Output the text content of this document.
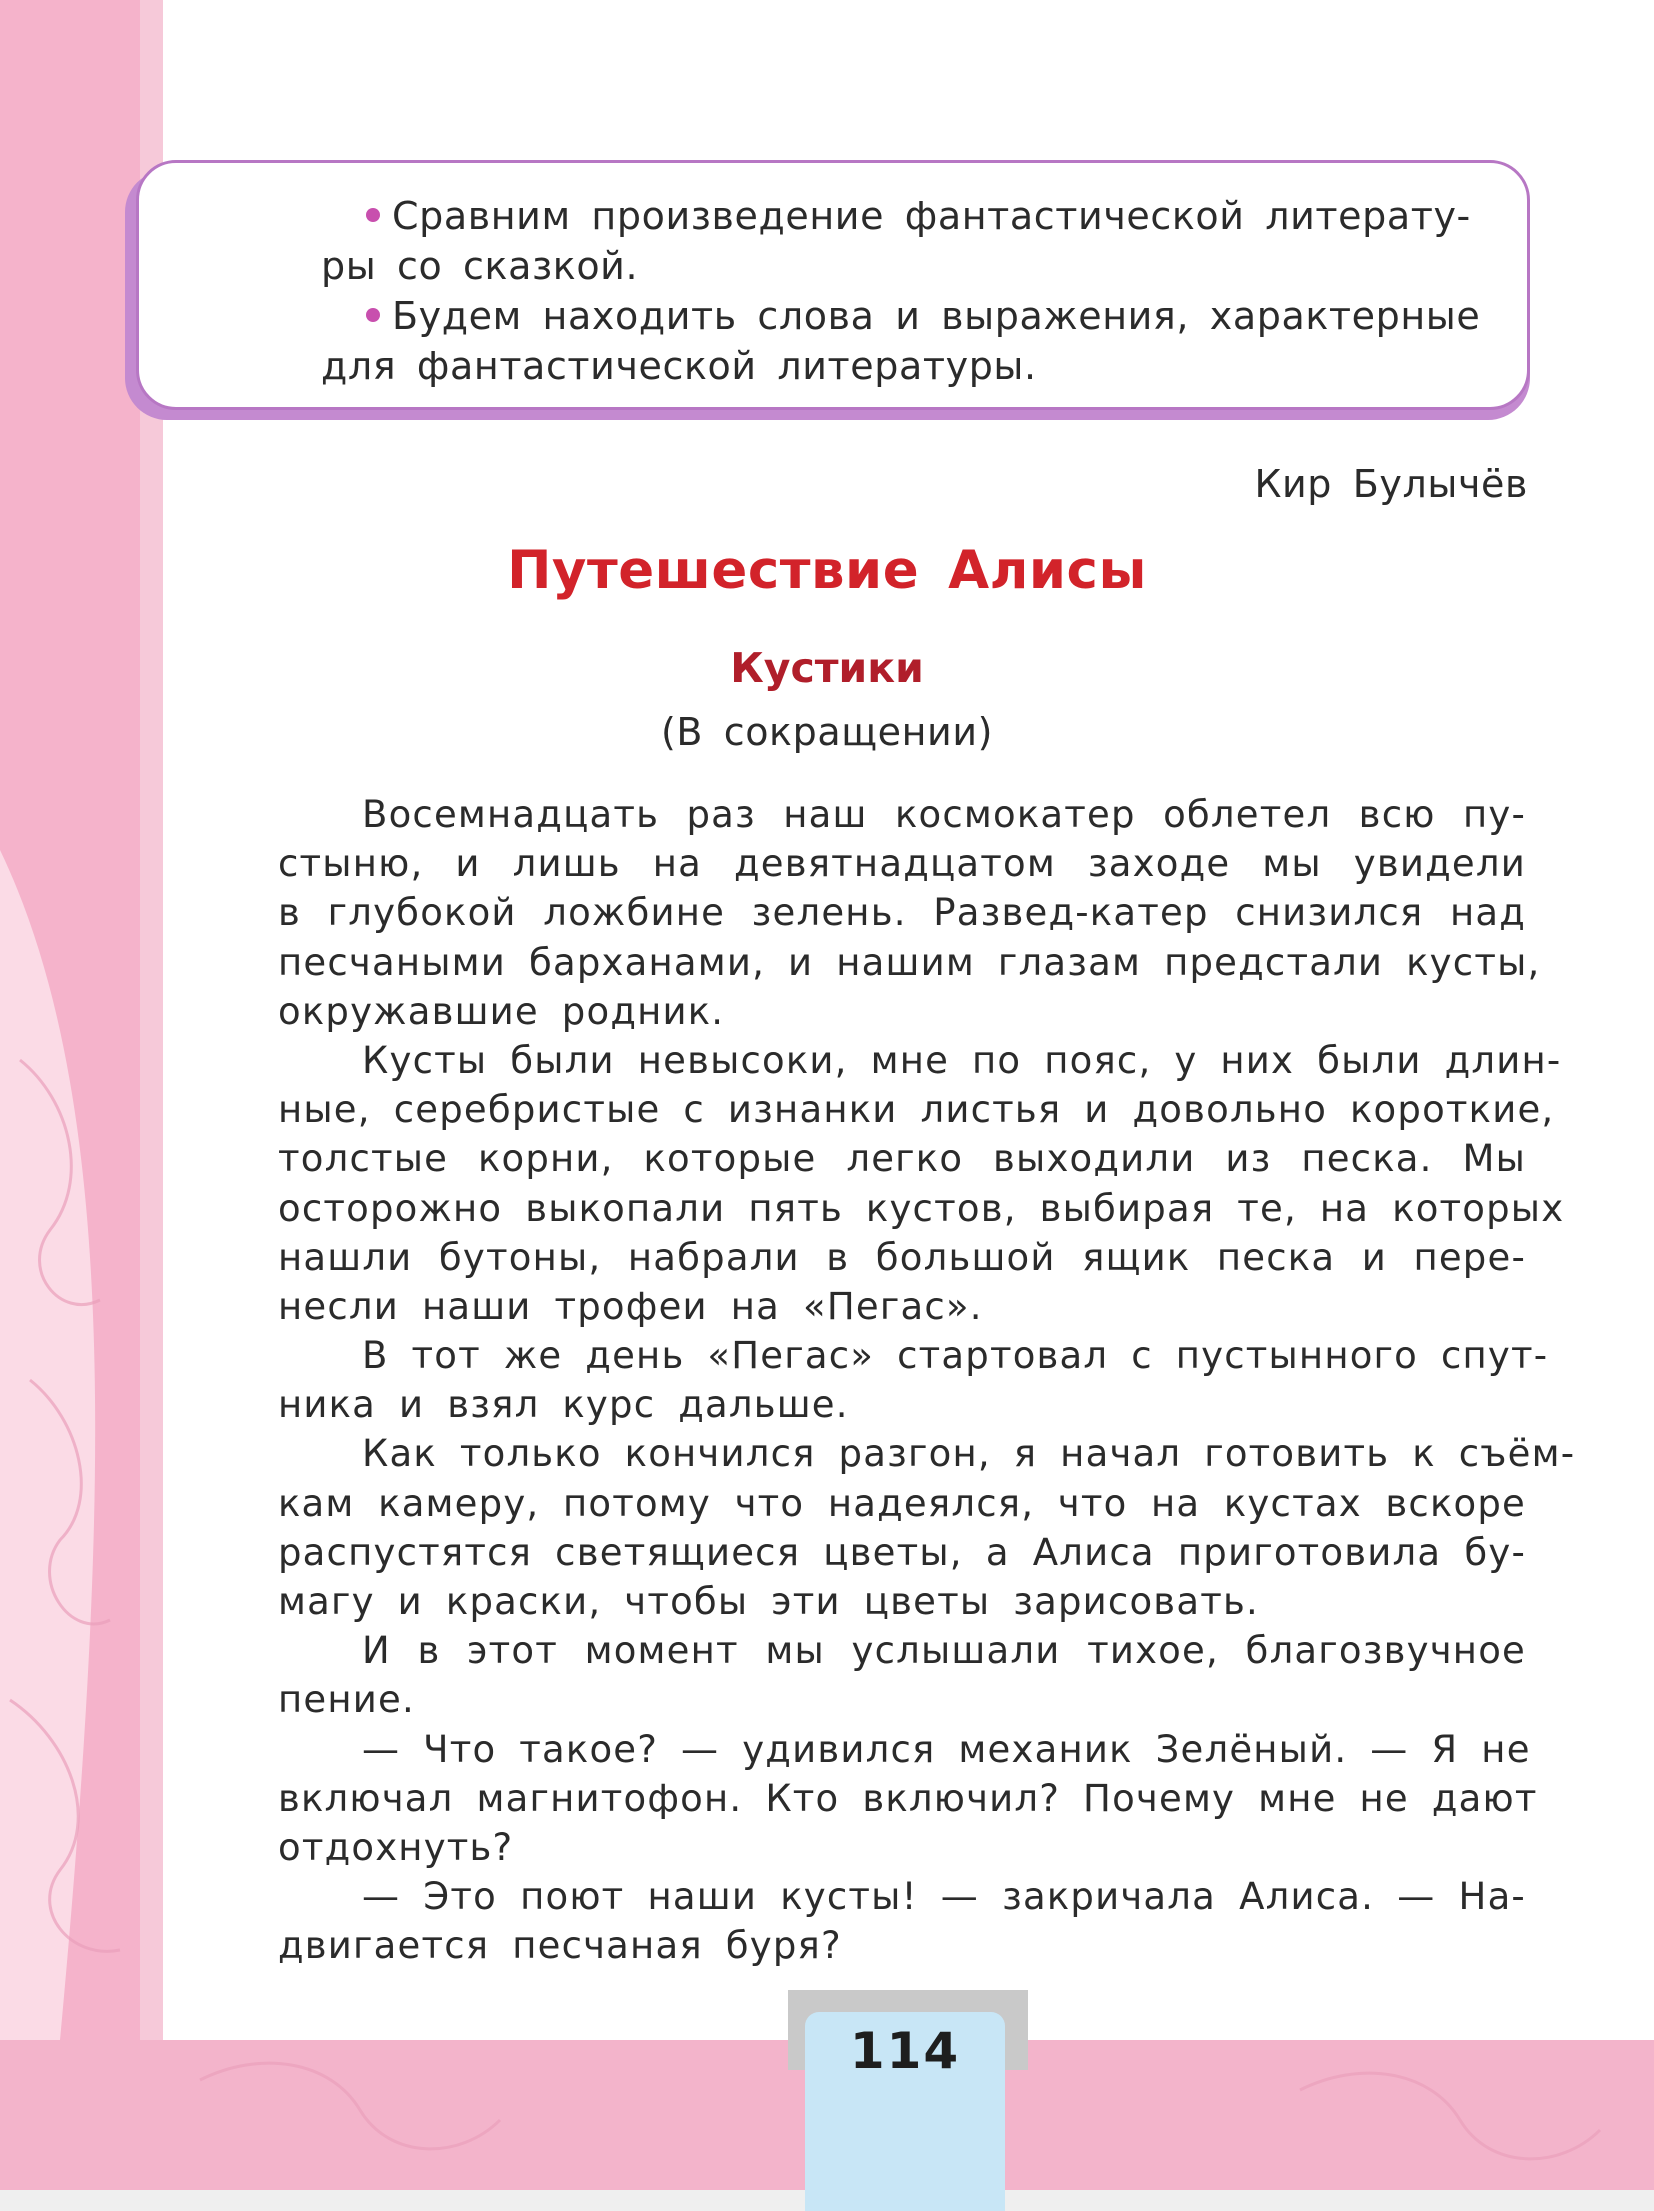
Сравним произведение фантастической литерату-
ры со сказкой.
Будем находить слова и выражения, характерные
для фантастической литературы.
Кир Булычёв
Путешествие Алисы
Кустики
(В сокращении)
Восемнадцать раз наш космокатер облетел всю пу-
стыню, и лишь на девятнадцатом заходе мы увидели
в глубокой ложбине зелень. Развед-катер снизился над
песчаными барханами, и нашим глазам предстали кусты,
окружавшие родник.
Кусты были невысоки, мне по пояс, у них были длин-
ные, серебристые с изнанки листья и довольно короткие,
толстые корни, которые легко выходили из песка. Мы
осторожно выкопали пять кустов, выбирая те, на которых
нашли бутоны, набрали в большой ящик песка и пере-
несли наши трофеи на «Пегас».
В тот же день «Пегас» стартовал с пустынного спут-
ника и взял курс дальше.
Как только кончился разгон, я начал готовить к съём-
кам камеру, потому что надеялся, что на кустах вскоре
распустятся светящиеся цветы, а Алиса приготовила бу-
магу и краски, чтобы эти цветы зарисовать.
И в этот момент мы услышали тихое, благозвучное
пение.
— Что такое? — удивился механик Зелёный. — Я не
включал магнитофон. Кто включил? Почему мне не дают
отдохнуть?
— Это поют наши кусты! — закричала Алиса. — На-
двигается песчаная буря?
114
